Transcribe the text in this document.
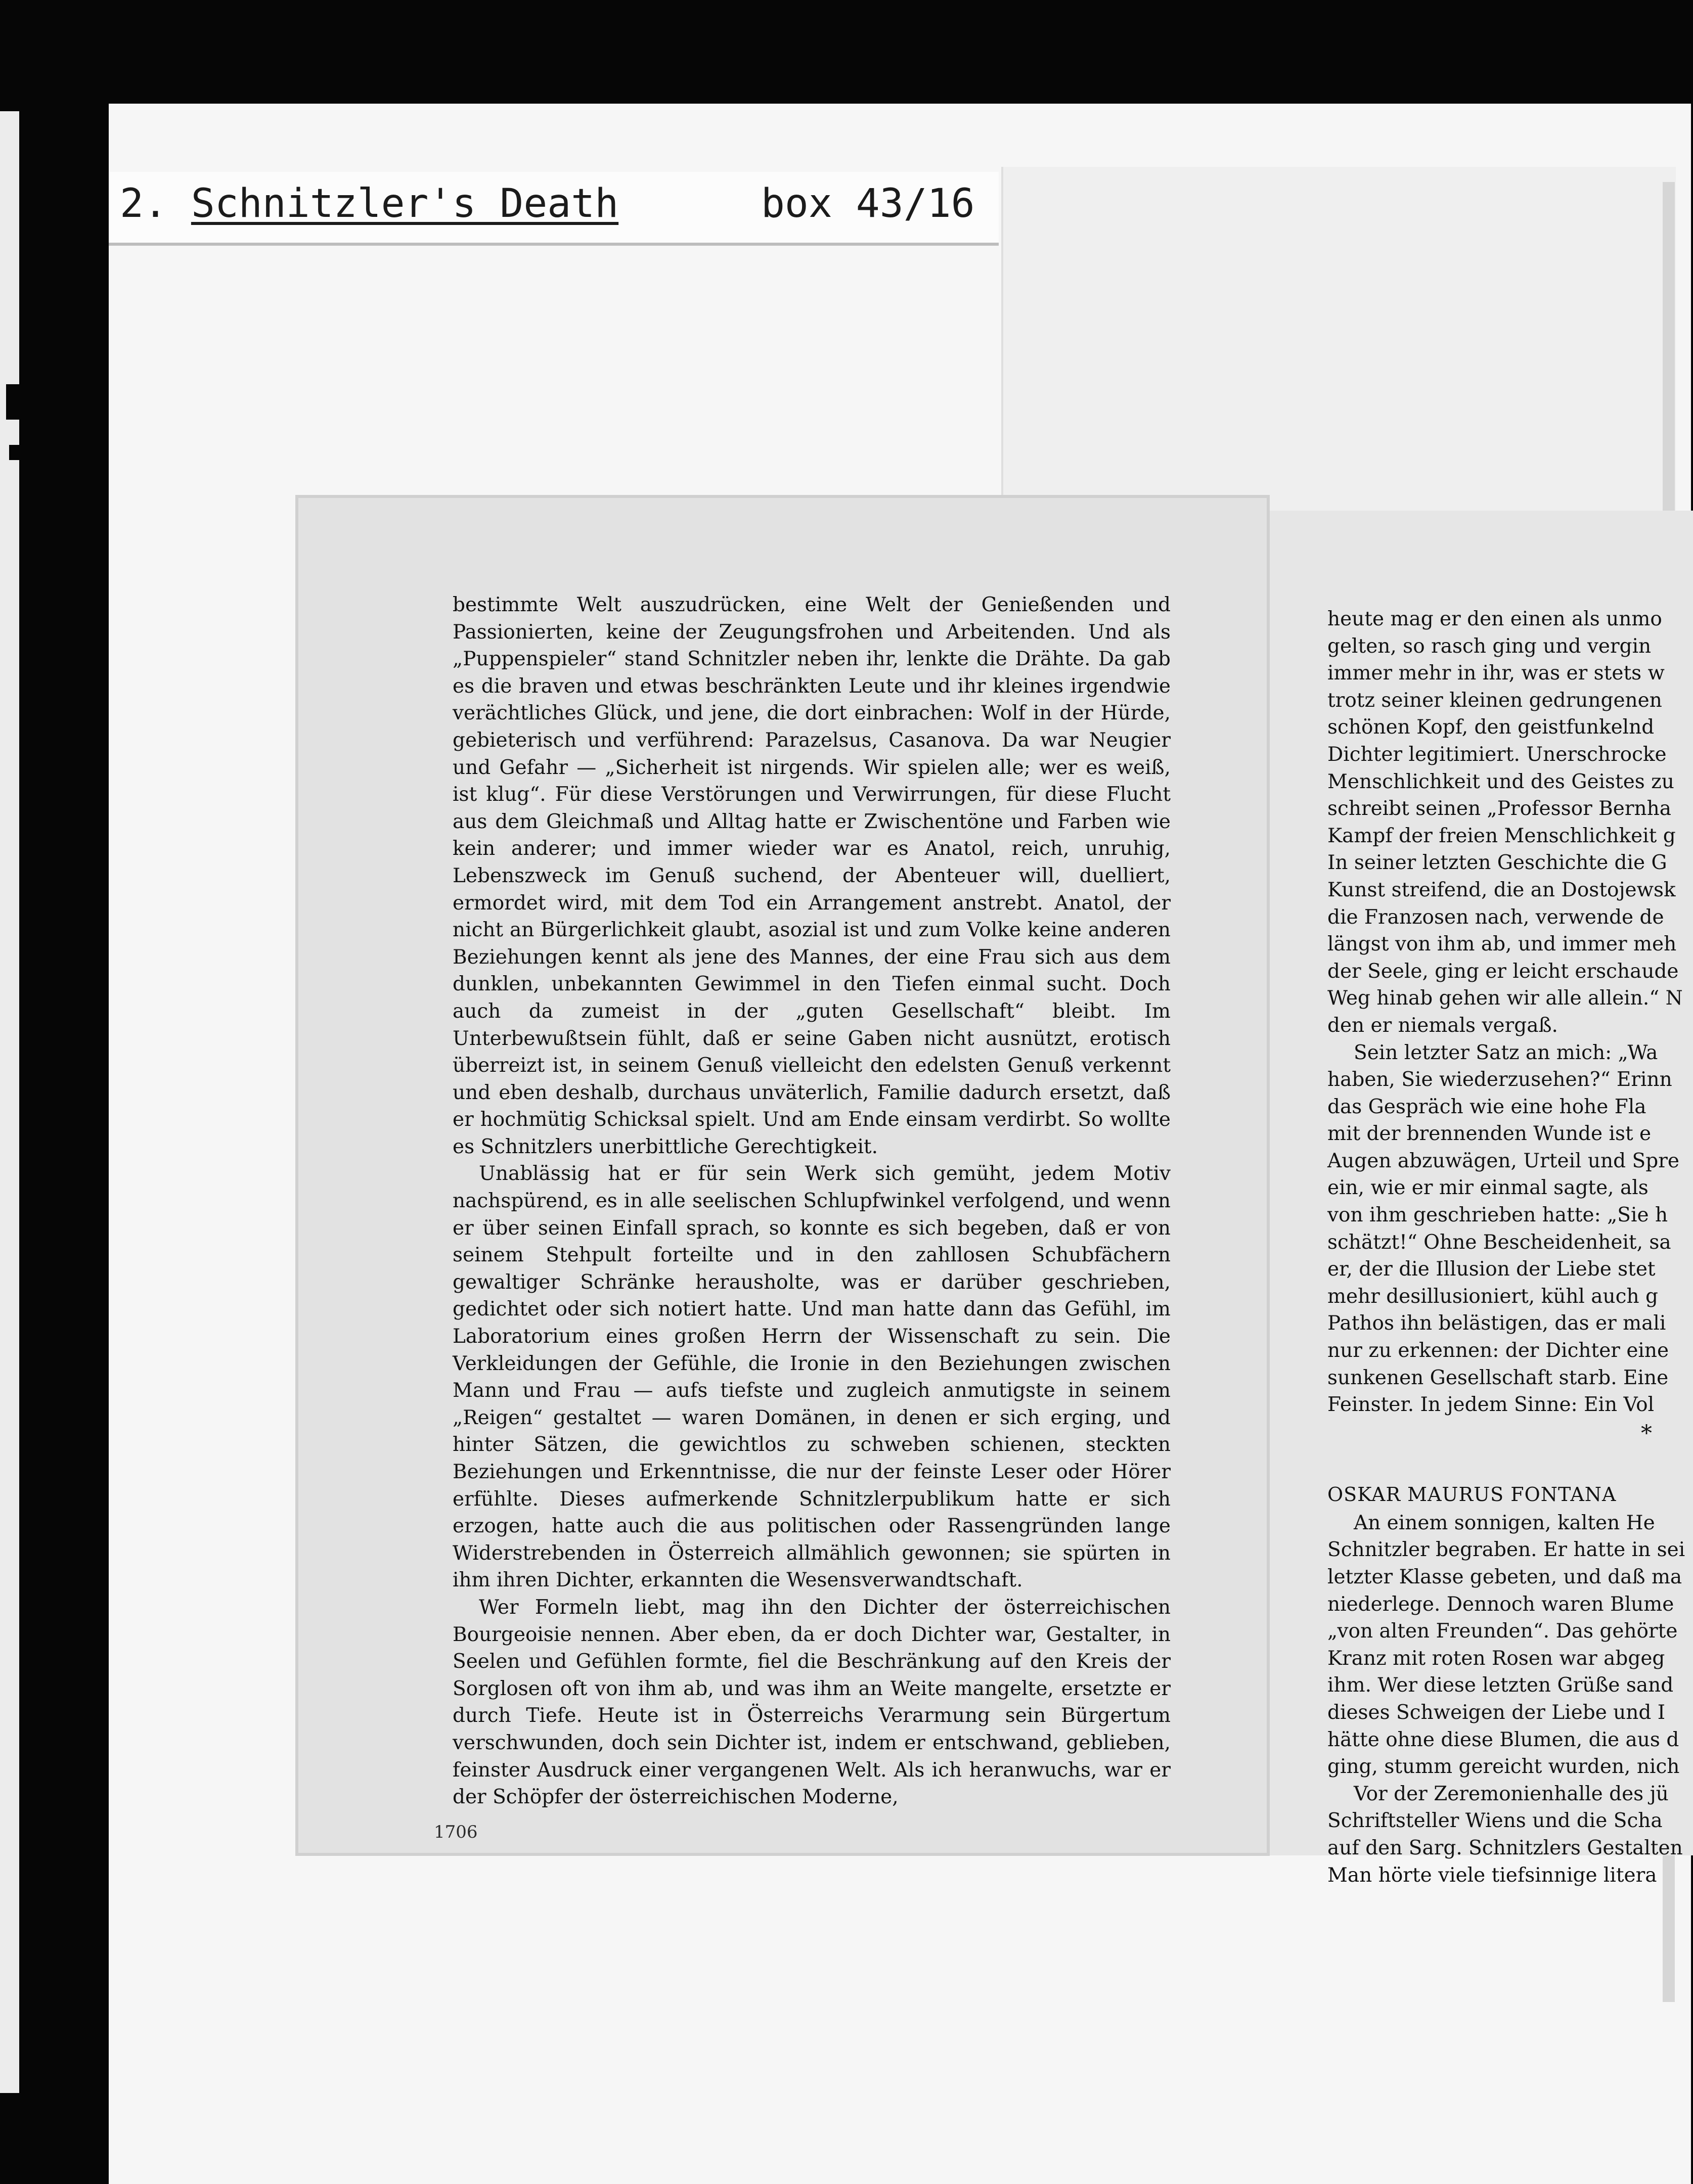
2. Schnitzler's Death	box 43/16

bestimmte Welt auszudrücken, eine Welt der Genießenden und Passionierten, keine der Zeugungsfrohen und Arbeitenden. Und als „Puppenspieler“ stand Schnitzler neben ihr, lenkte die Drähte. Da gab es die braven und etwas beschränkten Leute und ihr kleines irgendwie verächtliches Glück, und jene, die dort einbrachen: Wolf in der Hürde, gebieterisch und verführend: Parazelsus, Casanova. Da war Neugier und Gefahr — „Sicherheit ist nirgends. Wir spielen alle; wer es weiß, ist klug“. Für diese Verstörungen und Verwirrungen, für diese Flucht aus dem Gleichmaß und Alltag hatte er Zwischentöne und Farben wie kein anderer; und immer wieder war es Anatol, reich, unruhig, Lebenszweck im Genuß suchend, der Abenteuer will, duelliert, ermordet wird, mit dem Tod ein Arrangement anstrebt. Anatol, der nicht an Bürgerlichkeit glaubt, asozial ist und zum Volke keine anderen Beziehungen kennt als jene des Mannes, der eine Frau sich aus dem dunklen, unbekannten Gewimmel in den Tiefen einmal sucht. Doch auch da zumeist in der „guten Gesellschaft“ bleibt. Im Unterbewußtsein fühlt, daß er seine Gaben nicht ausnützt, erotisch überreizt ist, in seinem Genuß vielleicht den edelsten Genuß verkennt und eben deshalb, durchaus unväterlich, Familie dadurch ersetzt, daß er hochmütig Schicksal spielt. Und am Ende einsam verdirbt. So wollte es Schnitzlers unerbittliche Gerechtigkeit.

Unablässig hat er für sein Werk sich gemüht, jedem Motiv nachspürend, es in alle seelischen Schlupfwinkel verfolgend, und wenn er über seinen Einfall sprach, so konnte es sich begeben, daß er von seinem Stehpult forteilte und in den zahllosen Schubfächern gewaltiger Schränke herausholte, was er darüber geschrieben, gedichtet oder sich notiert hatte. Und man hatte dann das Gefühl, im Laboratorium eines großen Herrn der Wissenschaft zu sein. Die Verkleidungen der Gefühle, die Ironie in den Beziehungen zwischen Mann und Frau — aufs tiefste und zugleich anmutigste in seinem „Reigen“ gestaltet — waren Domänen, in denen er sich erging, und hinter Sätzen, die gewichtlos zu schweben schienen, steckten Beziehungen und Erkenntnisse, die nur der feinste Leser oder Hörer erfühlte. Dieses aufmerkende Schnitzlerpublikum hatte er sich erzogen, hatte auch die aus politischen oder Rassengründen lange Widerstrebenden in Österreich allmählich gewonnen; sie spürten in ihm ihren Dichter, erkannten die Wesensverwandtschaft.

Wer Formeln liebt, mag ihn den Dichter der österreichischen Bourgeoisie nennen. Aber eben, da er doch Dichter war, Gestalter, in Seelen und Gefühlen formte, fiel die Beschränkung auf den Kreis der Sorglosen oft von ihm ab, und was ihm an Weite mangelte, ersetzte er durch Tiefe. Heute ist in Österreichs Verarmung sein Bürgertum verschwunden, doch sein Dichter ist, indem er entschwand, geblieben, feinster Ausdruck einer vergangenen Welt. Als ich heranwuchs, war er der Schöpfer der österreichischen Moderne,

1706
heute mag er den einen als unmo
gelten, so rasch ging und vergin
immer mehr in ihr, was er stets w
trotz seiner kleinen gedrungenen
schönen Kopf, den geistfunkelnd
Dichter legitimiert. Unerschrocke
Menschlichkeit und des Geistes zu
schreibt seinen „Professor Bernha
Kampf der freien Menschlichkeit g
In seiner letzten Geschichte die G
Kunst streifend, die an Dostojewsk
die Franzosen nach, verwende de
längst von ihm ab, und immer meh
der Seele, ging er leicht erschaude
Weg hinab gehen wir alle allein.“ N
den er niemals vergaß.
Sein letzter Satz an mich: „Wa
haben, Sie wiederzusehen?“ Erinn
das Gespräch wie eine hohe Fla
mit der brennenden Wunde ist e
Augen abzuwägen, Urteil und Spre
ein, wie er mir einmal sagte, als
von ihm geschrieben hatte: „Sie h
schätzt!“ Ohne Bescheidenheit, sa
er, der die Illusion der Liebe stet
mehr desillusioniert, kühl auch g
Pathos ihn belästigen, das er mali
nur zu erkennen: der Dichter eine
sunkenen Gesellschaft starb. Eine
Feinster. In jedem Sinne: Ein Vol
*
OSKAR MAURUS FONTANA
An einem sonnigen, kalten He
Schnitzler begraben. Er hatte in sei
letzter Klasse gebeten, und daß ma
niederlege. Dennoch waren Blume
„von alten Freunden“. Das gehörte
Kranz mit roten Rosen war abgeg
ihm. Wer diese letzten Grüße sand
dieses Schweigen der Liebe und I
hätte ohne diese Blumen, die aus d
ging, stumm gereicht wurden, nich
Vor der Zeremonienhalle des jü
Schriftsteller Wiens und die Scha
auf den Sarg. Schnitzlers Gestalten
Man hörte viele tiefsinnige litera
